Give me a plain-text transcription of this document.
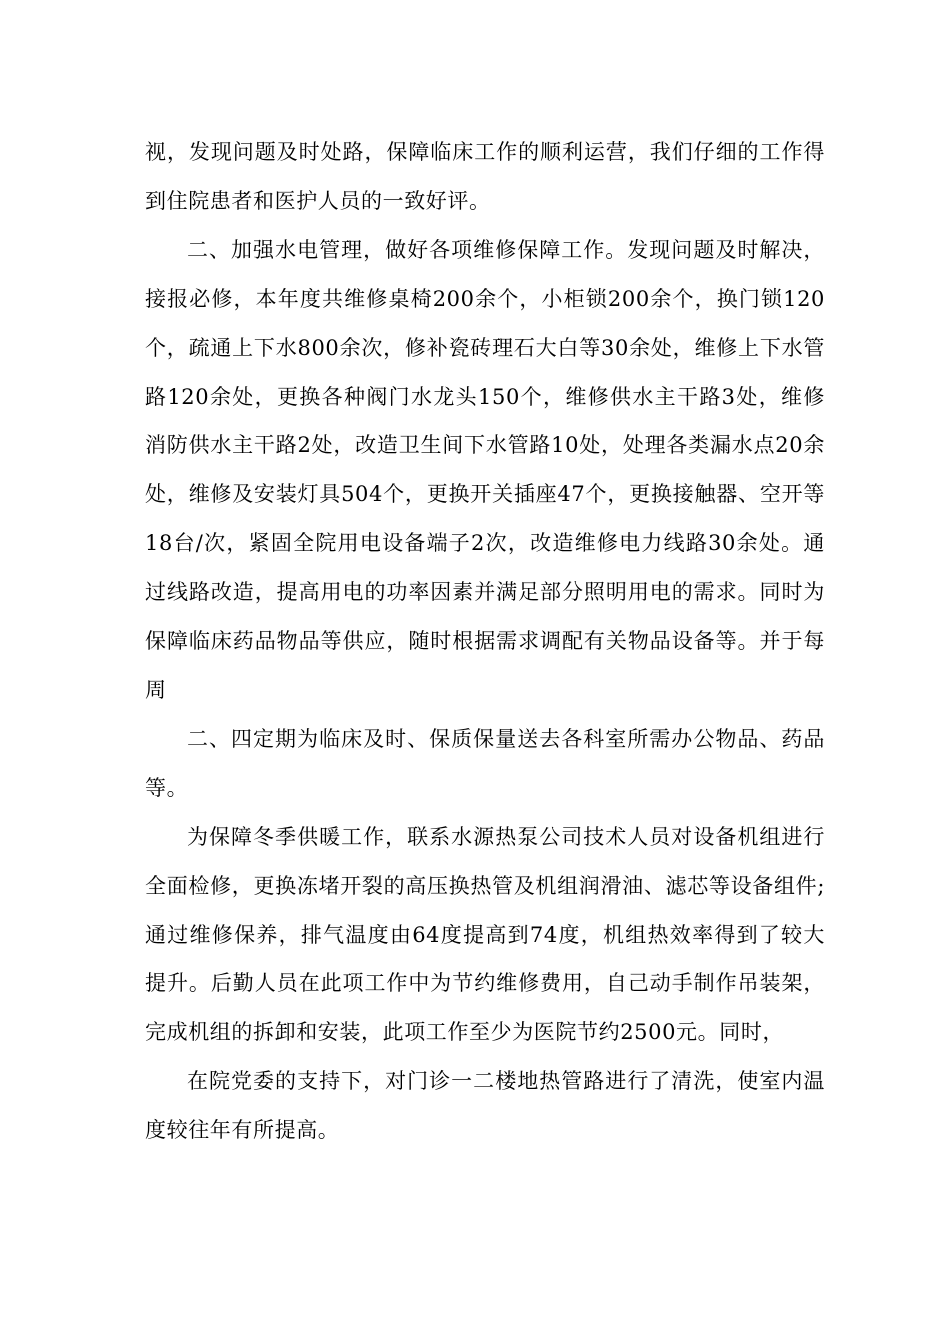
视，发现问题及时处路，保障临床工作的顺利运营，我们仔细的工作得到住院患者和医护人员的一致好评。

二、加强水电管理，做好各项维修保障工作。发现问题及时解决，接报必修，本年度共维修桌椅200余个，小柜锁200余个，换门锁120个，疏通上下水800余次，修补瓷砖理石大白等30余处，维修上下水管路120余处，更换各种阀门水龙头150个，维修供水主干路3处，维修消防供水主干路2处，改造卫生间下水管路10处，处理各类漏水点20余处，维修及安装灯具504个，更换开关插座47个，更换接触器、空开等18台/次，紧固全院用电设备端子2次，改造维修电力线路30余处。通过线路改造，提高用电的功率因素并满足部分照明用电的需求。同时为保障临床药品物品等供应，随时根据需求调配有关物品设备等。并于每周

二、四定期为临床及时、保质保量送去各科室所需办公物品、药品等。

为保障冬季供暖工作，联系水源热泵公司技术人员对设备机组进行全面检修，更换冻堵开裂的高压换热管及机组润滑油、滤芯等设备组件;通过维修保养，排气温度由64度提高到74度，机组热效率得到了较大提升。后勤人员在此项工作中为节约维修费用，自己动手制作吊装架，完成机组的拆卸和安装，此项工作至少为医院节约2500元。同时，

在院党委的支持下，对门诊一二楼地热管路进行了清洗，使室内温度较往年有所提高。
